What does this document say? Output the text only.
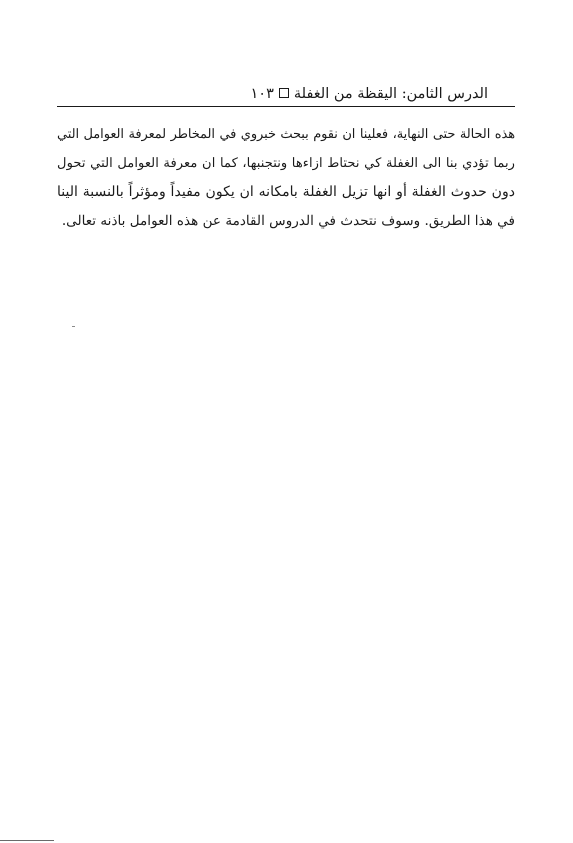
الدرس الثامن: اليقظة من الغفلة١٠٣
هذه الحالة حتى النهاية، فعلينا ان نقوم ببحث خبروي في المخاطر لمعرفة العوامل التي
ربما تؤدي بنا الى الغفلة كي نحتاط ازاءها ونتجنبها، كما ان معرفة العوامل التي تحول
دون حدوث الغفلة أو انها تزيل الغفلة بامكانه ان يكون مفيداً ومؤثراً بالنسبة الينا
في هذا الطريق. وسوف نتحدث في الدروس القادمة عن هذه العوامل باذنه تعالى.
